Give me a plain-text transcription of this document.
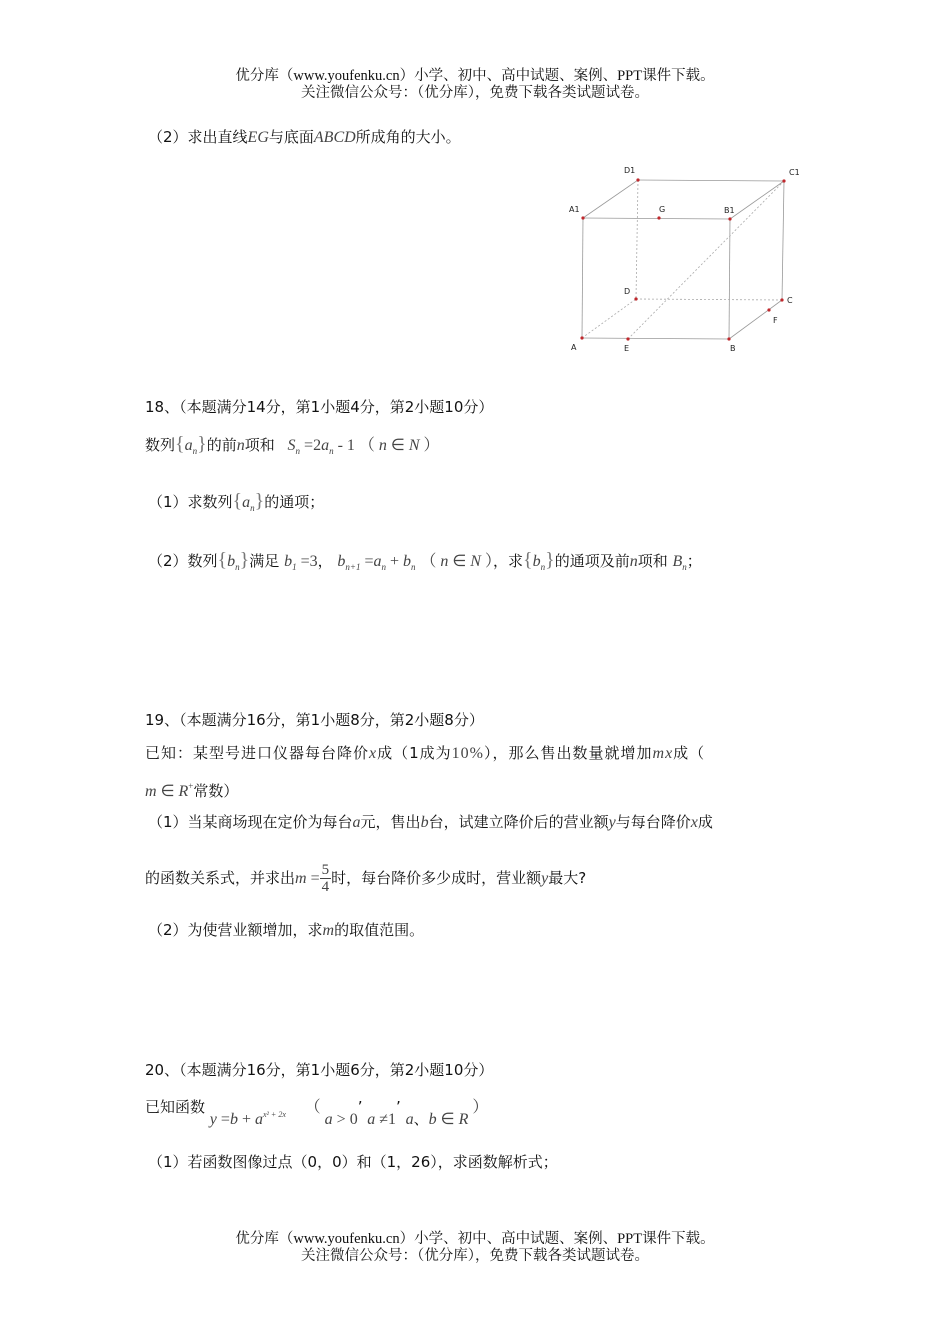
优分库（www.youfenku.cn）小学、初中、高中试题、案例、PPT课件下载。
关注微信公众号：（优分库），免费下载各类试题试卷。
（2）求出直线EG与底面ABCD所成角的大小。
D1	C1
A1	G	B1
D
C
F
A	E	B
18、（本题满分14分，第1小题4分，第2小题10分）
数列$\{a_n\}$的前n项和 $S_n =2a_n - 1$ （ n ∈ N ）
（1）求数列$\{a_n\}$的通项；
（2）数列$\{b_n\}$满足 $b_1 =3$， $b_{n+1} =a_n + b_n$ （ n ∈ N ），求$\{b_n\}$的通项及前n项和 $B_n$；
19、（本题满分16分，第1小题8分，第2小题8分）
已知：某型号进口仪器每台降价x成（1成为10%），那么售出数量就增加mx成（
m ∈ R+常数）
（1）当某商场现在定价为每台a元，售出b台，试建立降价后的营业额y与每台降价x成
的函数关系式，并求出$m = \frac{5}{4}$ 时，每台降价多少成时，营业额y最大?
（2）为使营业额增加，求m的取值范围。
20、（本题满分16分，第1小题6分，第2小题10分）
已知函数 $y =b + a^{x^2 + 2x}$ （ a > 0’ a ≠1’ a、b ∈ R ）
（1）若函数图像过点（0，0）和（1，26），求函数解析式；
优分库（www.youfenku.cn）小学、初中、高中试题、案例、PPT课件下载。
关注微信公众号：（优分库），免费下载各类试题试卷。
